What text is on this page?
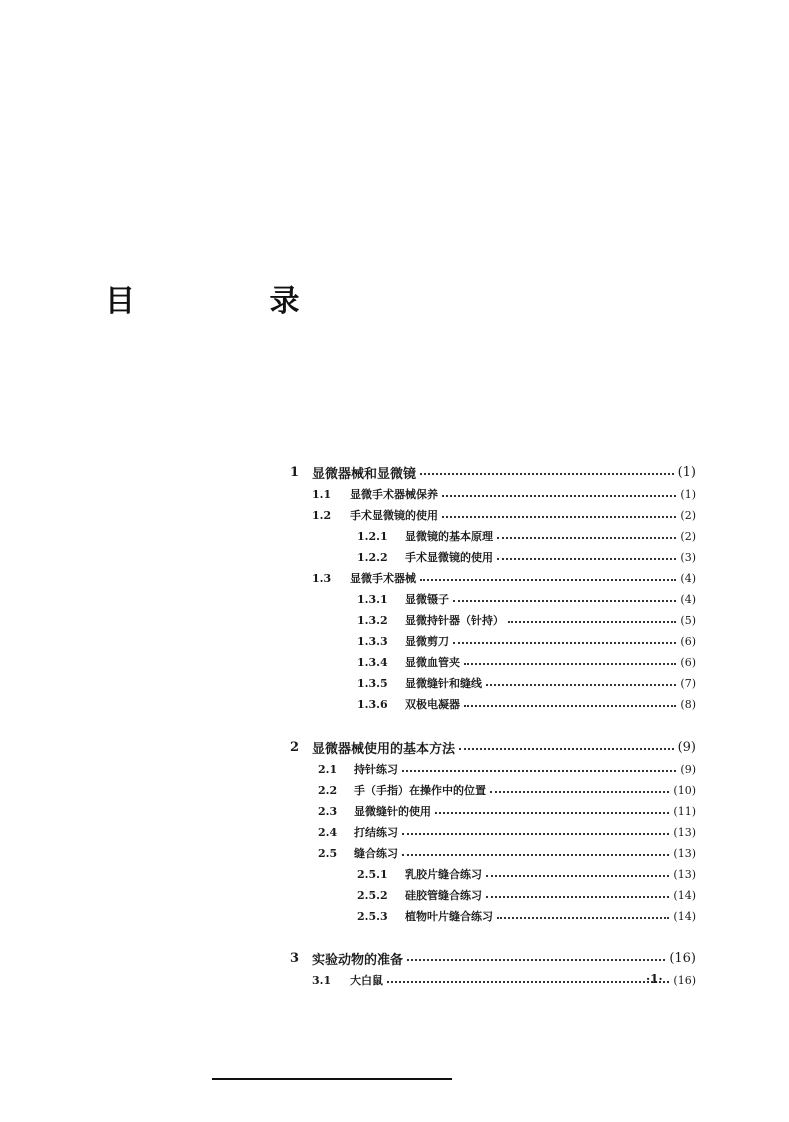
目 录
1 显微器械和显微镜	(1)
1.1	显微手术器械保养	(1)
1.2	手术显微镜的使用	(2)
1.2.1	显微镜的基本原理	(2)
1.2.2	手术显微镜的使用	(3)
1.3	显微手术器械	(4)
1.3.1	显微镊子	(4)
1.3.2	显微持针器（针持）	(5)
1.3.3	显微剪刀	(6)
1.3.4	显微血管夹	(6)
1.3.5	显微缝针和缝线	(7)
1.3.6	双极电凝器	(8)
2 显微器械使用的基本方法	(9)
2.1	持针练习	(9)
2.2	手（手指）在操作中的位置	(10)
2.3	显微缝针的使用	(11)
2.4	打结练习	(13)
2.5	缝合练习	(13)
2.5.1	乳胶片缝合练习	(13)
2.5.2	硅胶管缝合练习	(14)
2.5.3	植物叶片缝合练习	(14)
3 实验动物的准备	(16)
3.1	大白鼠	(16)
·1·
